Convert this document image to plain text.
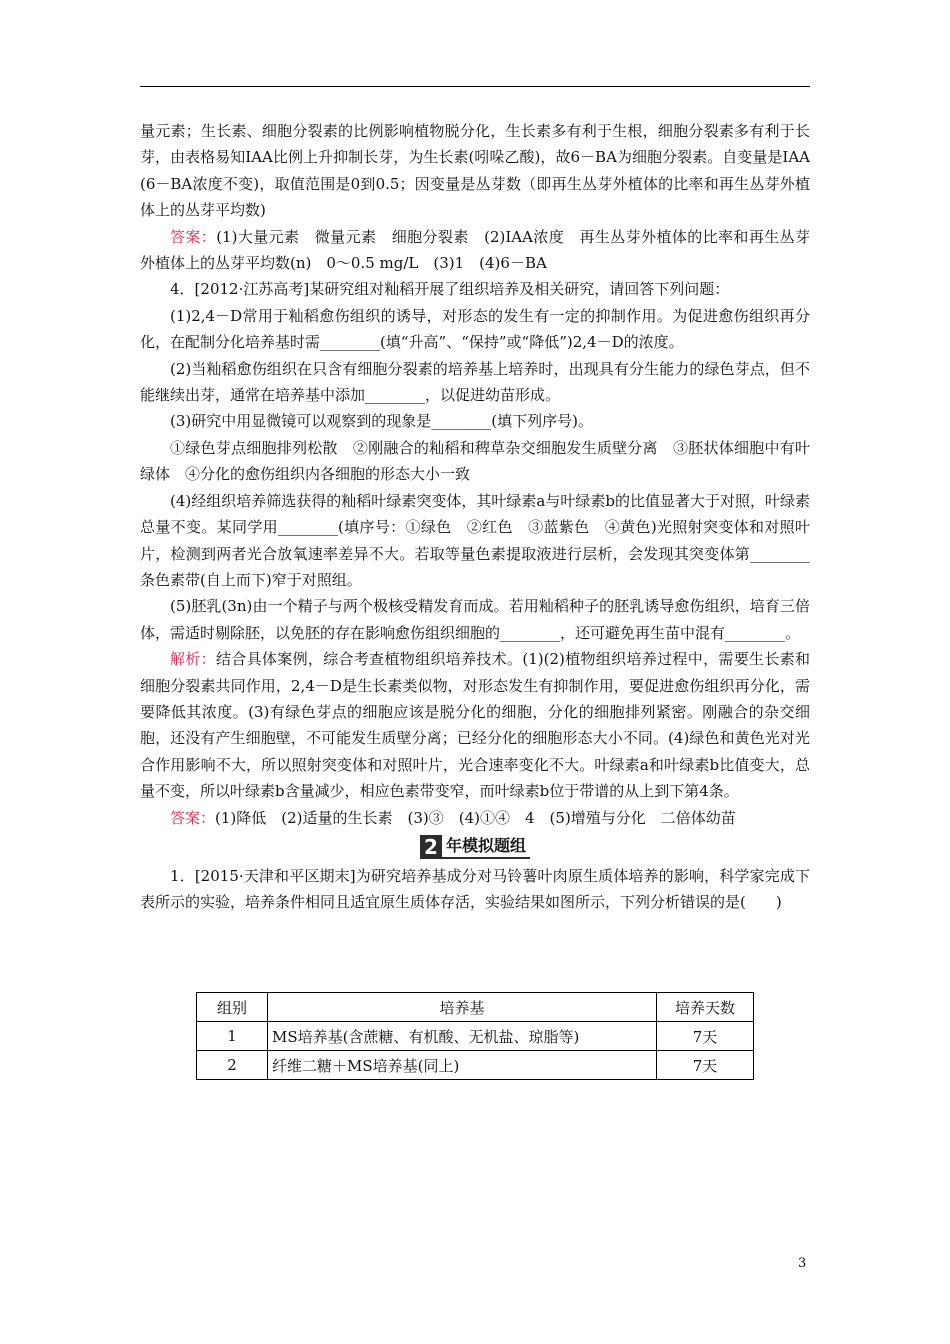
量元素；生长素、细胞分裂素的比例影响植物脱分化，生长素多有利于生根，细胞分裂素多有利于长芽，由表格易知IAA比例上升抑制长芽，为生长素(吲哚乙酸)，故6－BA为细胞分裂素。自变量是IAA(6－BA浓度不变)，取值范围是0到0.5；因变量是丛芽数（即再生丛芽外植体的比率和再生丛芽外植体上的丛芽平均数)

答案：(1)大量元素　微量元素　细胞分裂素　(2)IAA浓度　再生丛芽外植体的比率和再生丛芽外植体上的丛芽平均数(n)　0～0.5 mg/L　(3)1　(4)6－BA

4．[2012·江苏高考]某研究组对籼稻开展了组织培养及相关研究，请回答下列问题：

(1)2,4－D常用于籼稻愈伤组织的诱导，对形态的发生有一定的抑制作用。为促进愈伤组织再分化，在配制分化培养基时需________(填“升高”、“保持”或“降低”)2,4－D的浓度。

(2)当籼稻愈伤组织在只含有细胞分裂素的培养基上培养时，出现具有分生能力的绿色芽点，但不能继续出芽，通常在培养基中添加________，以促进幼苗形成。

(3)研究中用显微镜可以观察到的现象是________(填下列序号)。

①绿色芽点细胞排列松散　②刚融合的籼稻和稗草杂交细胞发生质壁分离　③胚状体细胞中有叶绿体　④分化的愈伤组织内各细胞的形态大小一致

(4)经组织培养筛选获得的籼稻叶绿素突变体，其叶绿素a与叶绿素b的比值显著大于对照，叶绿素总量不变。某同学用________(填序号：①绿色　②红色　③蓝紫色　④黄色)光照射突变体和对照叶片，检测到两者光合放氧速率差异不大。若取等量色素提取液进行层析，会发现其突变体第________条色素带(自上而下)窄于对照组。

(5)胚乳(3n)由一个精子与两个极核受精发育而成。若用籼稻种子的胚乳诱导愈伤组织，培育三倍体，需适时剔除胚，以免胚的存在影响愈伤组织细胞的________，还可避免再生苗中混有________。

解析：结合具体案例，综合考查植物组织培养技术。(1)(2)植物组织培养过程中，需要生长素和细胞分裂素共同作用，2,4－D是生长素类似物，对形态发生有抑制作用，要促进愈伤组织再分化，需要降低其浓度。(3)有绿色芽点的细胞应该是脱分化的细胞，分化的细胞排列紧密。刚融合的杂交细胞，还没有产生细胞壁，不可能发生质壁分离；已经分化的细胞形态大小不同。(4)绿色和黄色光对光合作用影响不大，所以照射突变体和对照叶片，光合速率变化不大。叶绿素a和叶绿素b比值变大，总量不变，所以叶绿素b含量减少，相应色素带变窄，而叶绿素b位于带谱的从上到下第4条。

答案：(1)降低　(2)适量的生长素　(3)③　(4)①④　4　(5)增殖与分化　二倍体幼苗

2 年模拟题组

1．[2015·天津和平区期末]为研究培养基成分对马铃薯叶肉原生质体培养的影响，科学家完成下表所示的实验，培养条件相同且适宜原生质体存活，实验结果如图所示，下列分析错误的是(　　)

组别	培养基	培养天数
1	MS培养基(含蔗糖、有机酸、无机盐、琼脂等)	7天
2	纤维二糖＋MS培养基(同上)	7天
3
